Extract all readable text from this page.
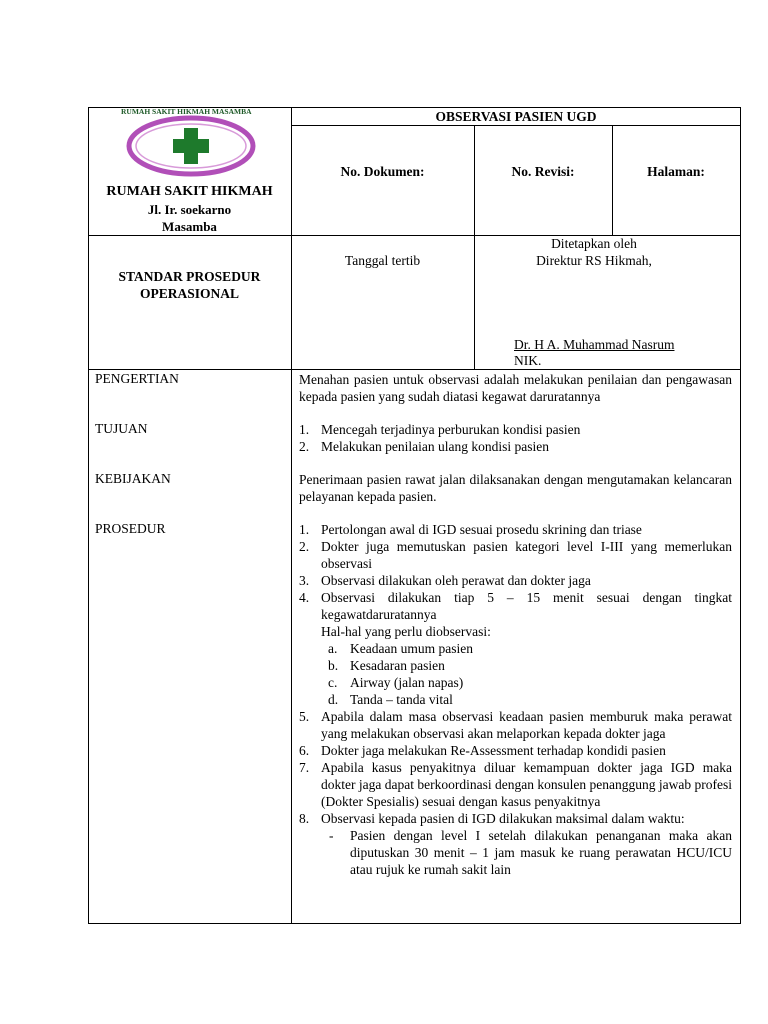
RUMAH SAKIT HIKMAH MASAMBA
RUMAH SAKIT HIKMAH
Jl. Ir. soekarno
Masamba
OBSERVASI PASIEN UGD
No. Dokumen:	No. Revisi:	Halaman:
STANDAR PROSEDUR
OPERASIONAL
Tanggal tertib
Ditetapkan oleh
Direktur RS Hikmah,
Dr. H A. Muhammad Nasrum
NIK.
PENGERTIAN
TUJUAN
KEBIJAKAN
PROSEDUR
Menahan pasien untuk observasi adalah melakukan penilaian dan pengawasan kepada pasien yang sudah diatasi kegawat daruratannya
1. Mencegah terjadinya perburukan kondisi pasien
2. Melakukan penilaian ulang kondisi pasien
Penerimaan pasien rawat jalan dilaksanakan dengan mengutamakan kelancaran pelayanan kepada pasien.
1. Pertolongan awal di IGD sesuai prosedu skrining dan triase
2. Dokter juga memutuskan pasien kategori level I-III yang memerlukan observasi
3. Observasi dilakukan oleh perawat dan dokter jaga
4. Observasi dilakukan tiap 5 – 15 menit sesuai dengan tingkat kegawatdaruratannya
Hal-hal yang perlu diobservasi:
a. Keadaan umum pasien
b. Kesadaran pasien
c. Airway (jalan napas)
d. Tanda – tanda vital
5. Apabila dalam masa observasi keadaan pasien memburuk maka perawat yang melakukan observasi akan melaporkan kepada dokter jaga
6. Dokter jaga melakukan Re-Assessment terhadap kondidi pasien
7. Apabila kasus penyakitnya diluar kemampuan dokter jaga IGD maka dokter jaga dapat berkoordinasi dengan konsulen penanggung jawab profesi (Dokter Spesialis) sesuai dengan kasus penyakitnya
8. Observasi kepada pasien di IGD dilakukan maksimal dalam waktu:
- Pasien dengan level I setelah dilakukan penanganan maka akan diputuskan 30 menit – 1 jam masuk ke ruang perawatan HCU/ICU atau rujuk ke rumah sakit lain
